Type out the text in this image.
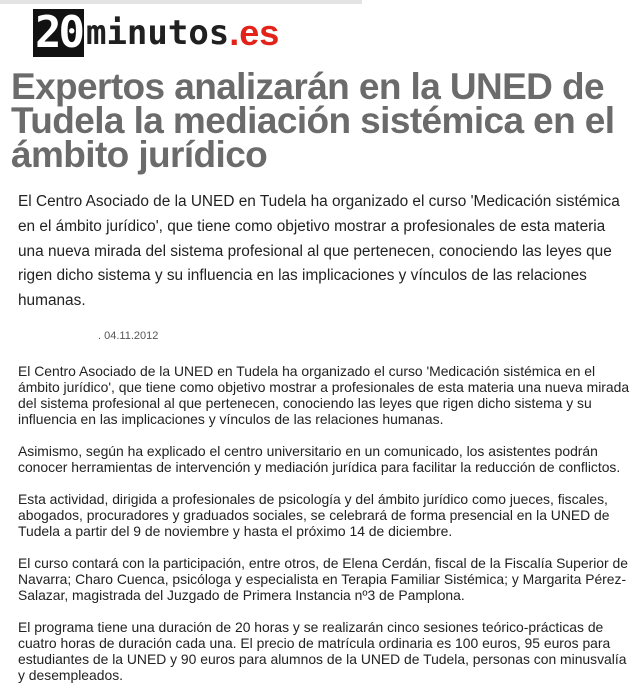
20 minutos .es
Expertos analizarán en la UNED de Tudela la mediación sistémica en el ámbito jurídico

El Centro Asociado de la UNED en Tudela ha organizado el curso 'Medicación sistémica en el ámbito jurídico', que tiene como objetivo mostrar a profesionales de esta materia una nueva mirada del sistema profesional al que pertenecen, conociendo las leyes que rigen dicho sistema y su influencia en las implicaciones y vínculos de las relaciones humanas.

. 04.11.2012

El Centro Asociado de la UNED en Tudela ha organizado el curso 'Medicación sistémica en el ámbito jurídico', que tiene como objetivo mostrar a profesionales de esta materia una nueva mirada del sistema profesional al que pertenecen, conociendo las leyes que rigen dicho sistema y su influencia en las implicaciones y vínculos de las relaciones humanas.

Asimismo, según ha explicado el centro universitario en un comunicado, los asistentes podrán conocer herramientas de intervención y mediación jurídica para facilitar la reducción de conflictos.

Esta actividad, dirigida a profesionales de psicología y del ámbito jurídico como jueces, fiscales, abogados, procuradores y graduados sociales, se celebrará de forma presencial en la UNED de Tudela a partir del 9 de noviembre y hasta el próximo 14 de diciembre.

El curso contará con la participación, entre otros, de Elena Cerdán, fiscal de la Fiscalía Superior de Navarra; Charo Cuenca, psicóloga y especialista en Terapia Familiar Sistémica; y Margarita Pérez-Salazar, magistrada del Juzgado de Primera Instancia nº3 de Pamplona.

El programa tiene una duración de 20 horas y se realizarán cinco sesiones teórico-prácticas de cuatro horas de duración cada una. El precio de matrícula ordinaria es 100 euros, 95 euros para estudiantes de la UNED y 90 euros para alumnos de la UNED de Tudela, personas con minusvalía y desempleados.
